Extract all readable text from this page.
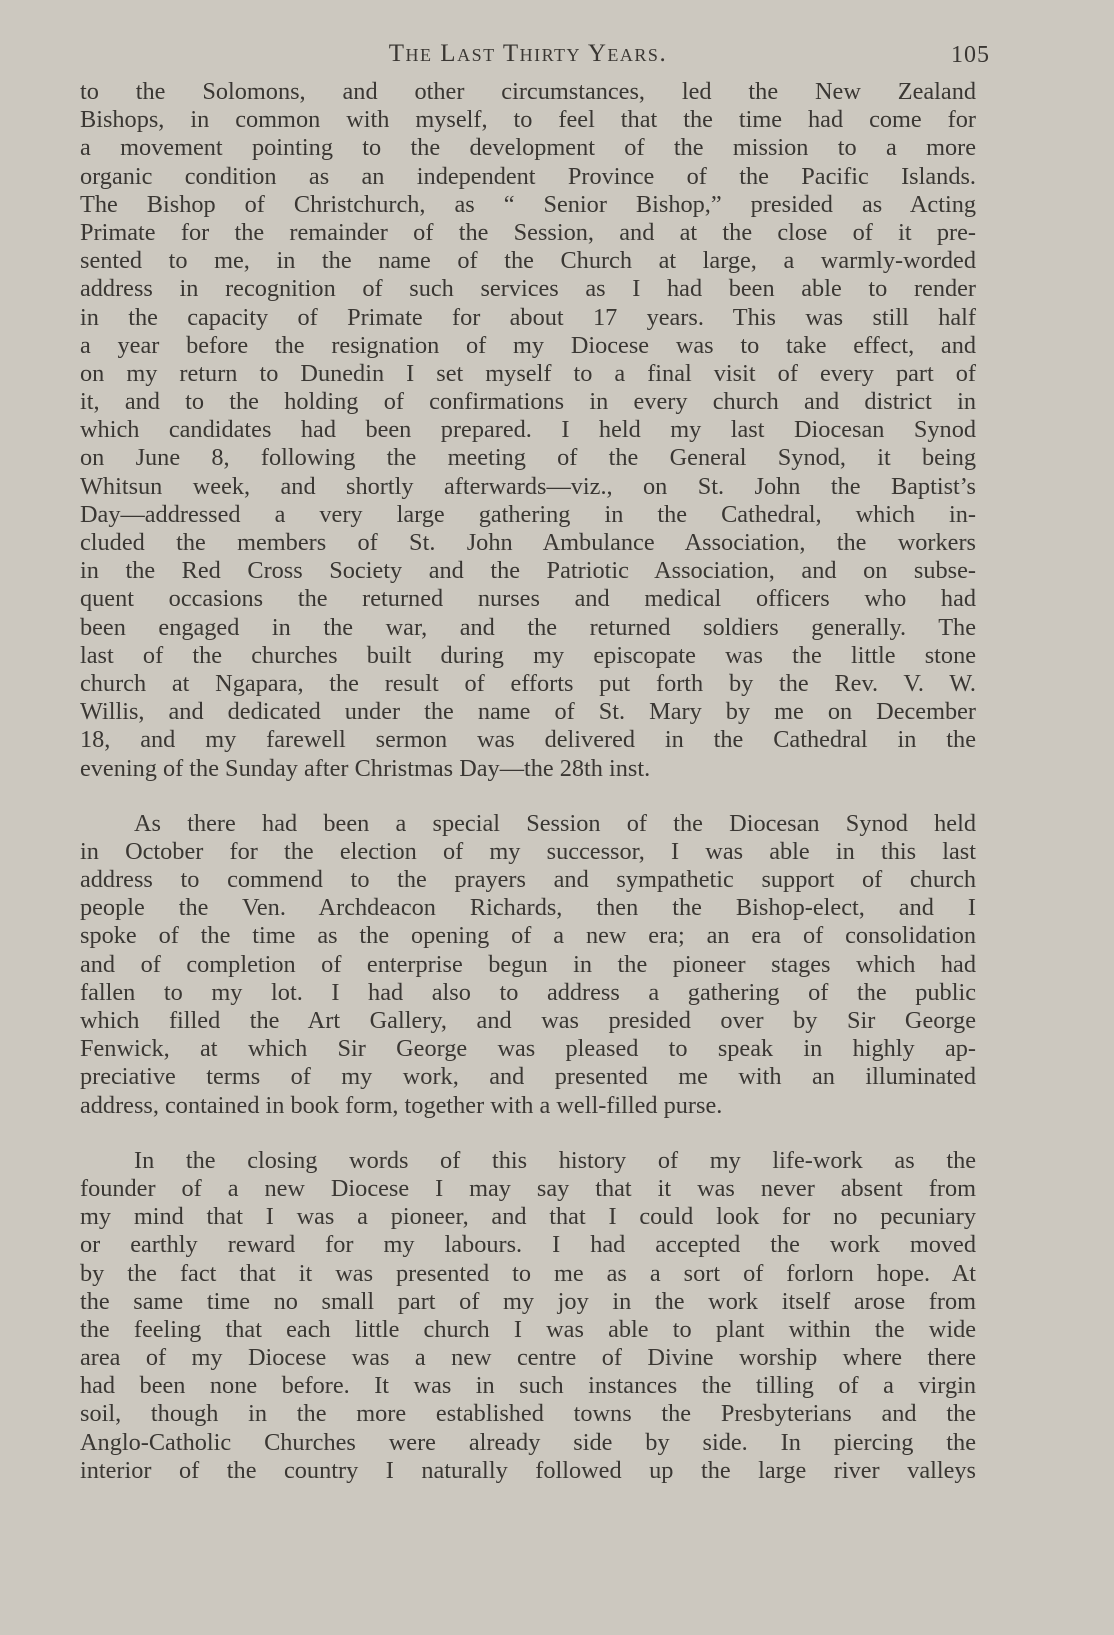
The Last Thirty Years.	105
to the Solomons, and other circumstances, led the New Zealand
Bishops, in common with myself, to feel that the time had come for
a movement pointing to the development of the mission to a more
organic condition as an independent Province of the Pacific Islands.
The Bishop of Christchurch, as “ Senior Bishop,” presided as Acting
Primate for the remainder of the Session, and at the close of it pre-
sented to me, in the name of the Church at large, a warmly-worded
address in recognition of such services as I had been able to render
in the capacity of Primate for about 17 years. This was still half
a year before the resignation of my Diocese was to take effect, and
on my return to Dunedin I set myself to a final visit of every part of
it, and to the holding of confirmations in every church and district in
which candidates had been prepared. I held my last Diocesan Synod
on June 8, following the meeting of the General Synod, it being
Whitsun week, and shortly afterwards—viz., on St. John the Baptist’s
Day—addressed a very large gathering in the Cathedral, which in-
cluded the members of St. John Ambulance Association, the workers
in the Red Cross Society and the Patriotic Association, and on subse-
quent occasions the returned nurses and medical officers who had
been engaged in the war, and the returned soldiers generally. The
last of the churches built during my episcopate was the little stone
church at Ngapara, the result of efforts put forth by the Rev. V. W.
Willis, and dedicated under the name of St. Mary by me on December
18, and my farewell sermon was delivered in the Cathedral in the
evening of the Sunday after Christmas Day—the 28th inst.
As there had been a special Session of the Diocesan Synod held
in October for the election of my successor, I was able in this last
address to commend to the prayers and sympathetic support of church
people the Ven. Archdeacon Richards, then the Bishop-elect, and I
spoke of the time as the opening of a new era; an era of consolidation
and of completion of enterprise begun in the pioneer stages which had
fallen to my lot. I had also to address a gathering of the public
which filled the Art Gallery, and was presided over by Sir George
Fenwick, at which Sir George was pleased to speak in highly ap-
preciative terms of my work, and presented me with an illuminated
address, contained in book form, together with a well-filled purse.
In the closing words of this history of my life-work as the
founder of a new Diocese I may say that it was never absent from
my mind that I was a pioneer, and that I could look for no pecuniary
or earthly reward for my labours. I had accepted the work moved
by the fact that it was presented to me as a sort of forlorn hope. At
the same time no small part of my joy in the work itself arose from
the feeling that each little church I was able to plant within the wide
area of my Diocese was a new centre of Divine worship where there
had been none before. It was in such instances the tilling of a virgin
soil, though in the more established towns the Presbyterians and the
Anglo-Catholic Churches were already side by side. In piercing the
interior of the country I naturally followed up the large river valleys
